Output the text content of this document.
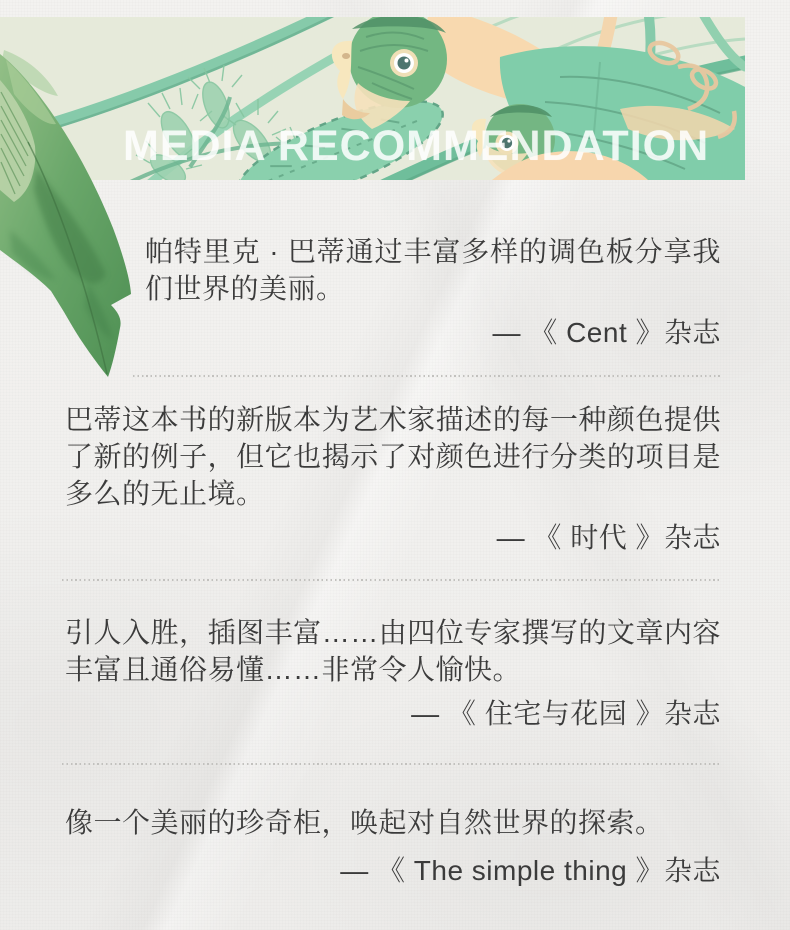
MEDIA RECOMMENDATION

帕特里克 · 巴蒂通过丰富多样的调色板分享我们世界的美丽。

— 《 Cent 》杂志

巴蒂这本书的新版本为艺术家描述的每一种颜色提供了新的例子，但它也揭示了对颜色进行分类的项目是多么的无止境。

— 《 时代 》杂志

引人入胜，插图丰富……由四位专家撰写的文章内容丰富且通俗易懂……非常令人愉快。

— 《 住宅与花园 》杂志

像一个美丽的珍奇柜，唤起对自然世界的探索。

— 《 The simple thing 》杂志
